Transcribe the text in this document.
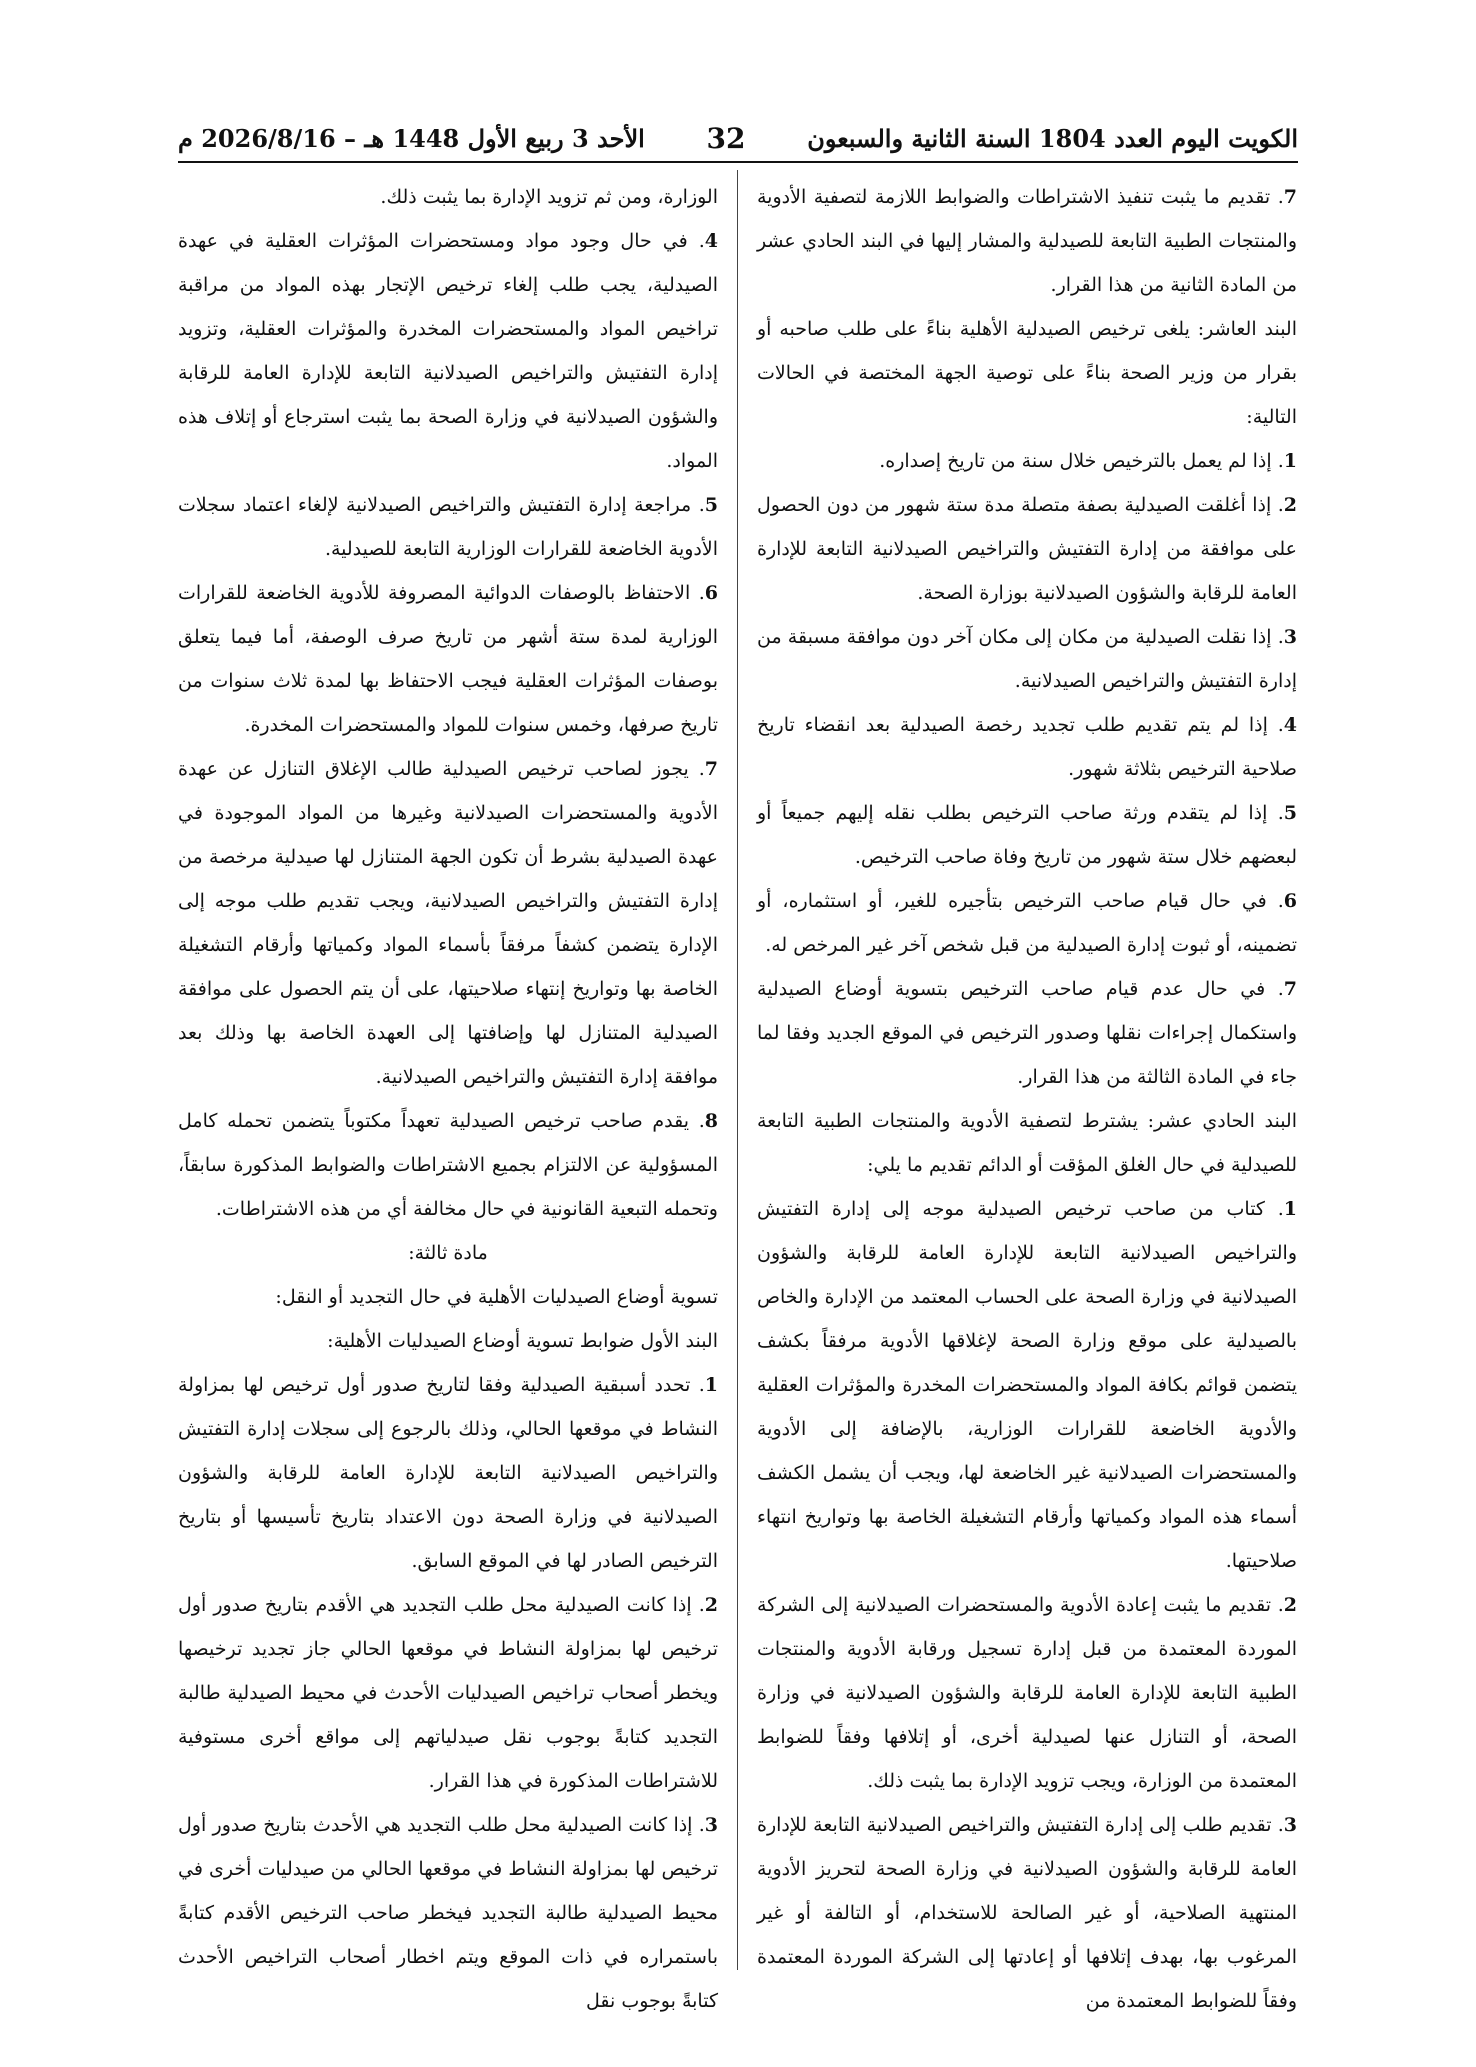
الكويت اليوم العدد 1804 السنة الثانية والسبعون
32
الأحد 3 ربيع الأول 1448 هـ – 2026/8/16 م

7. تقديم ما يثبت تنفيذ الاشتراطات والضوابط اللازمة لتصفية الأدوية والمنتجات الطبية التابعة للصيدلية والمشار إليها في البند الحادي عشر من المادة الثانية من هذا القرار.

البند العاشر: يلغى ترخيص الصيدلية الأهلية بناءً على طلب صاحبه أو بقرار من وزير الصحة بناءً على توصية الجهة المختصة في الحالات التالية:

1. إذا لم يعمل بالترخيص خلال سنة من تاريخ إصداره.

2. إذا أغلقت الصيدلية بصفة متصلة مدة ستة شهور من دون الحصول على موافقة من إدارة التفتيش والتراخيص الصيدلانية التابعة للإدارة العامة للرقابة والشؤون الصيدلانية بوزارة الصحة.

3. إذا نقلت الصيدلية من مكان إلى مكان آخر دون موافقة مسبقة من إدارة التفتيش والتراخيص الصيدلانية.

4. إذا لم يتم تقديم طلب تجديد رخصة الصيدلية بعد انقضاء تاريخ صلاحية الترخيص بثلاثة شهور.

5. إذا لم يتقدم ورثة صاحب الترخيص بطلب نقله إليهم جميعاً أو لبعضهم خلال ستة شهور من تاريخ وفاة صاحب الترخيص.

6. في حال قيام صاحب الترخيص بتأجيره للغير، أو استثماره، أو تضمينه، أو ثبوت إدارة الصيدلية من قبل شخص آخر غير المرخص له.

7. في حال عدم قيام صاحب الترخيص بتسوية أوضاع الصيدلية واستكمال إجراءات نقلها وصدور الترخيص في الموقع الجديد وفقا لما جاء في المادة الثالثة من هذا القرار.

البند الحادي عشر: يشترط لتصفية الأدوية والمنتجات الطبية التابعة للصيدلية في حال الغلق المؤقت أو الدائم تقديم ما يلي:

1. كتاب من صاحب ترخيص الصيدلية موجه إلى إدارة التفتيش والتراخيص الصيدلانية التابعة للإدارة العامة للرقابة والشؤون الصيدلانية في وزارة الصحة على الحساب المعتمد من الإدارة والخاص بالصيدلية على موقع وزارة الصحة لإغلاقها الأدوية مرفقاً بكشف يتضمن قوائم بكافة المواد والمستحضرات المخدرة والمؤثرات العقلية والأدوية الخاضعة للقرارات الوزارية، بالإضافة إلى الأدوية والمستحضرات الصيدلانية غير الخاضعة لها، ويجب أن يشمل الكشف أسماء هذه المواد وكمياتها وأرقام التشغيلة الخاصة بها وتواريخ انتهاء صلاحيتها.

2. تقديم ما يثبت إعادة الأدوية والمستحضرات الصيدلانية إلى الشركة الموردة المعتمدة من قبل إدارة تسجيل ورقابة الأدوية والمنتجات الطبية التابعة للإدارة العامة للرقابة والشؤون الصيدلانية في وزارة الصحة، أو التنازل عنها لصيدلية أخرى، أو إتلافها وفقاً للضوابط المعتمدة من الوزارة، ويجب تزويد الإدارة بما يثبت ذلك.

3. تقديم طلب إلى إدارة التفتيش والتراخيص الصيدلانية التابعة للإدارة العامة للرقابة والشؤون الصيدلانية في وزارة الصحة لتحريز الأدوية المنتهية الصلاحية، أو غير الصالحة للاستخدام، أو التالفة أو غير المرغوب بها، بهدف إتلافها أو إعادتها إلى الشركة الموردة المعتمدة وفقاً للضوابط المعتمدة من

الوزارة، ومن ثم تزويد الإدارة بما يثبت ذلك.

4. في حال وجود مواد ومستحضرات المؤثرات العقلية في عهدة الصيدلية، يجب طلب إلغاء ترخيص الإتجار بهذه المواد من مراقبة تراخيص المواد والمستحضرات المخدرة والمؤثرات العقلية، وتزويد إدارة التفتيش والتراخيص الصيدلانية التابعة للإدارة العامة للرقابة والشؤون الصيدلانية في وزارة الصحة بما يثبت استرجاع أو إتلاف هذه المواد.

5. مراجعة إدارة التفتيش والتراخيص الصيدلانية لإلغاء اعتماد سجلات الأدوية الخاضعة للقرارات الوزارية التابعة للصيدلية.

6. الاحتفاظ بالوصفات الدوائية المصروفة للأدوية الخاضعة للقرارات الوزارية لمدة ستة أشهر من تاريخ صرف الوصفة، أما فيما يتعلق بوصفات المؤثرات العقلية فيجب الاحتفاظ بها لمدة ثلاث سنوات من تاريخ صرفها، وخمس سنوات للمواد والمستحضرات المخدرة.

7. يجوز لصاحب ترخيص الصيدلية طالب الإغلاق التنازل عن عهدة الأدوية والمستحضرات الصيدلانية وغيرها من المواد الموجودة في عهدة الصيدلية بشرط أن تكون الجهة المتنازل لها صيدلية مرخصة من إدارة التفتيش والتراخيص الصيدلانية، ويجب تقديم طلب موجه إلى الإدارة يتضمن كشفاً مرفقاً بأسماء المواد وكمياتها وأرقام التشغيلة الخاصة بها وتواريخ إنتهاء صلاحيتها، على أن يتم الحصول على موافقة الصيدلية المتنازل لها وإضافتها إلى العهدة الخاصة بها وذلك بعد موافقة إدارة التفتيش والتراخيص الصيدلانية.

8. يقدم صاحب ترخيص الصيدلية تعهداً مكتوباً يتضمن تحمله كامل المسؤولية عن الالتزام بجميع الاشتراطات والضوابط المذكورة سابقاً، وتحمله التبعية القانونية في حال مخالفة أي من هذه الاشتراطات.

مادة ثالثة:

تسوية أوضاع الصيدليات الأهلية في حال التجديد أو النقل:

البند الأول ضوابط تسوية أوضاع الصيدليات الأهلية:

1. تحدد أسبقية الصيدلية وفقا لتاريخ صدور أول ترخيص لها بمزاولة النشاط في موقعها الحالي، وذلك بالرجوع إلى سجلات إدارة التفتيش والتراخيص الصيدلانية التابعة للإدارة العامة للرقابة والشؤون الصيدلانية في وزارة الصحة دون الاعتداد بتاريخ تأسيسها أو بتاريخ الترخيص الصادر لها في الموقع السابق.

2. إذا كانت الصيدلية محل طلب التجديد هي الأقدم بتاريخ صدور أول ترخيص لها بمزاولة النشاط في موقعها الحالي جاز تجديد ترخيصها ويخطر أصحاب تراخيص الصيدليات الأحدث في محيط الصيدلية طالبة التجديد كتابةً بوجوب نقل صيدلياتهم إلى مواقع أخرى مستوفية للاشتراطات المذكورة في هذا القرار.

3. إذا كانت الصيدلية محل طلب التجديد هي الأحدث بتاريخ صدور أول ترخيص لها بمزاولة النشاط في موقعها الحالي من صيدليات أخرى في محيط الصيدلية طالبة التجديد فيخطر صاحب الترخيص الأقدم كتابةً باستمراره في ذات الموقع ويتم اخطار أصحاب التراخيص الأحدث كتابةً بوجوب نقل
